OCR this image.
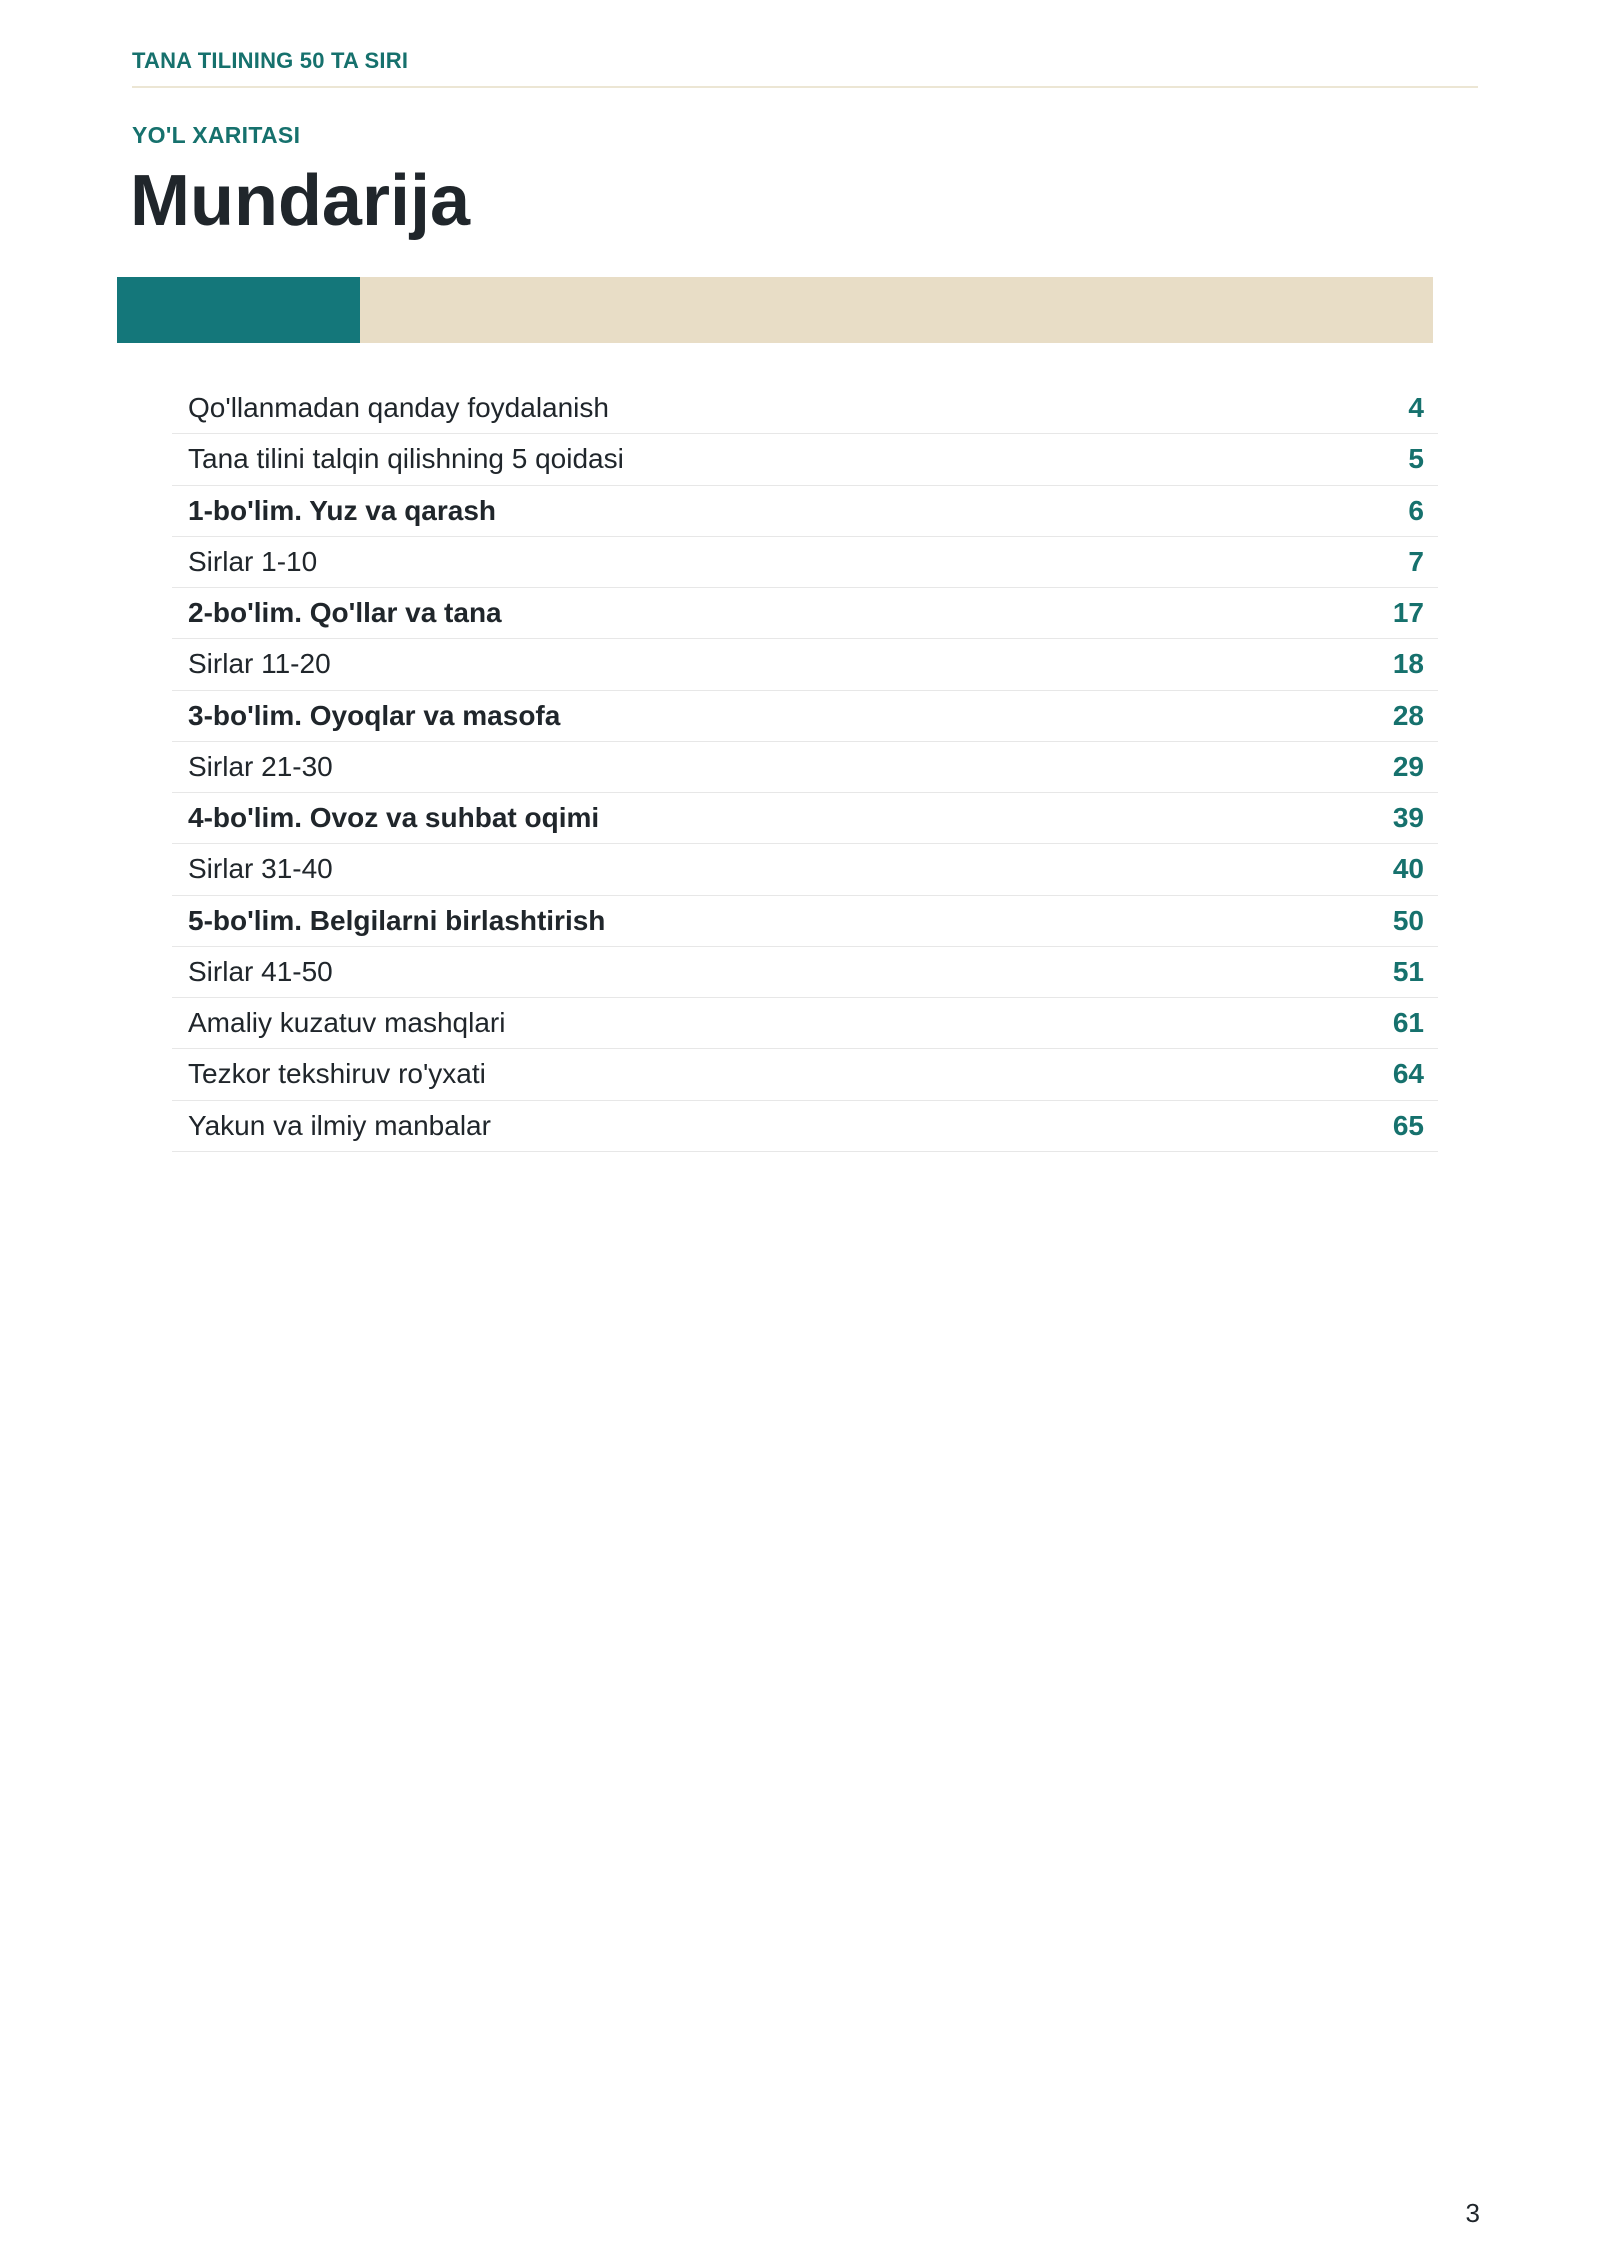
TANA TILINING 50 TA SIRI
YO'L XARITASI
Mundarija
Qo'llanmadan qanday foydalanish	4
Tana tilini talqin qilishning 5 qoidasi	5
1-bo'lim. Yuz va qarash	6
Sirlar 1-10	7
2-bo'lim. Qo'llar va tana	17
Sirlar 11-20	18
3-bo'lim. Oyoqlar va masofa	28
Sirlar 21-30	29
4-bo'lim. Ovoz va suhbat oqimi	39
Sirlar 31-40	40
5-bo'lim. Belgilarni birlashtirish	50
Sirlar 41-50	51
Amaliy kuzatuv mashqlari	61
Tezkor tekshiruv ro'yxati	64
Yakun va ilmiy manbalar	65
3
